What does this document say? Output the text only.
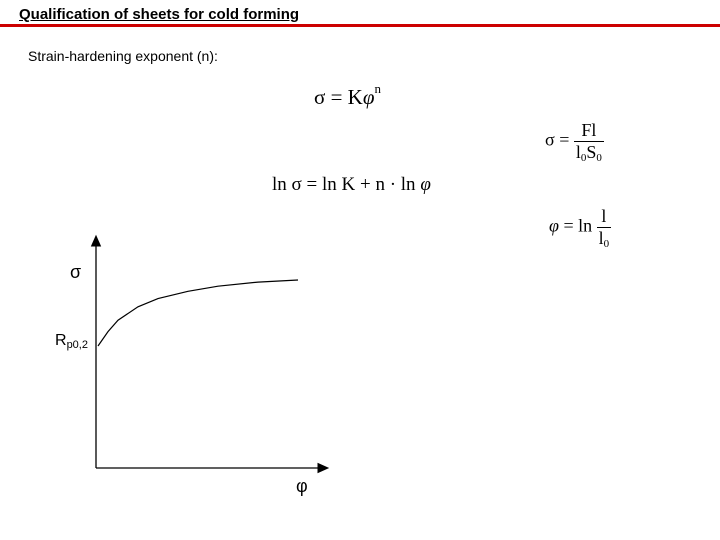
Qualification of sheets for cold forming
Strain-hardening exponent (n):
$\sigma = K\varphi^n$
ln σ = ln K + n · ln φ
$\sigma = \frac{Fl}{l_0S_0}$
$\varphi = \ln \frac{l}{l_0}$
σ
φ
$R_{p0,2}$
